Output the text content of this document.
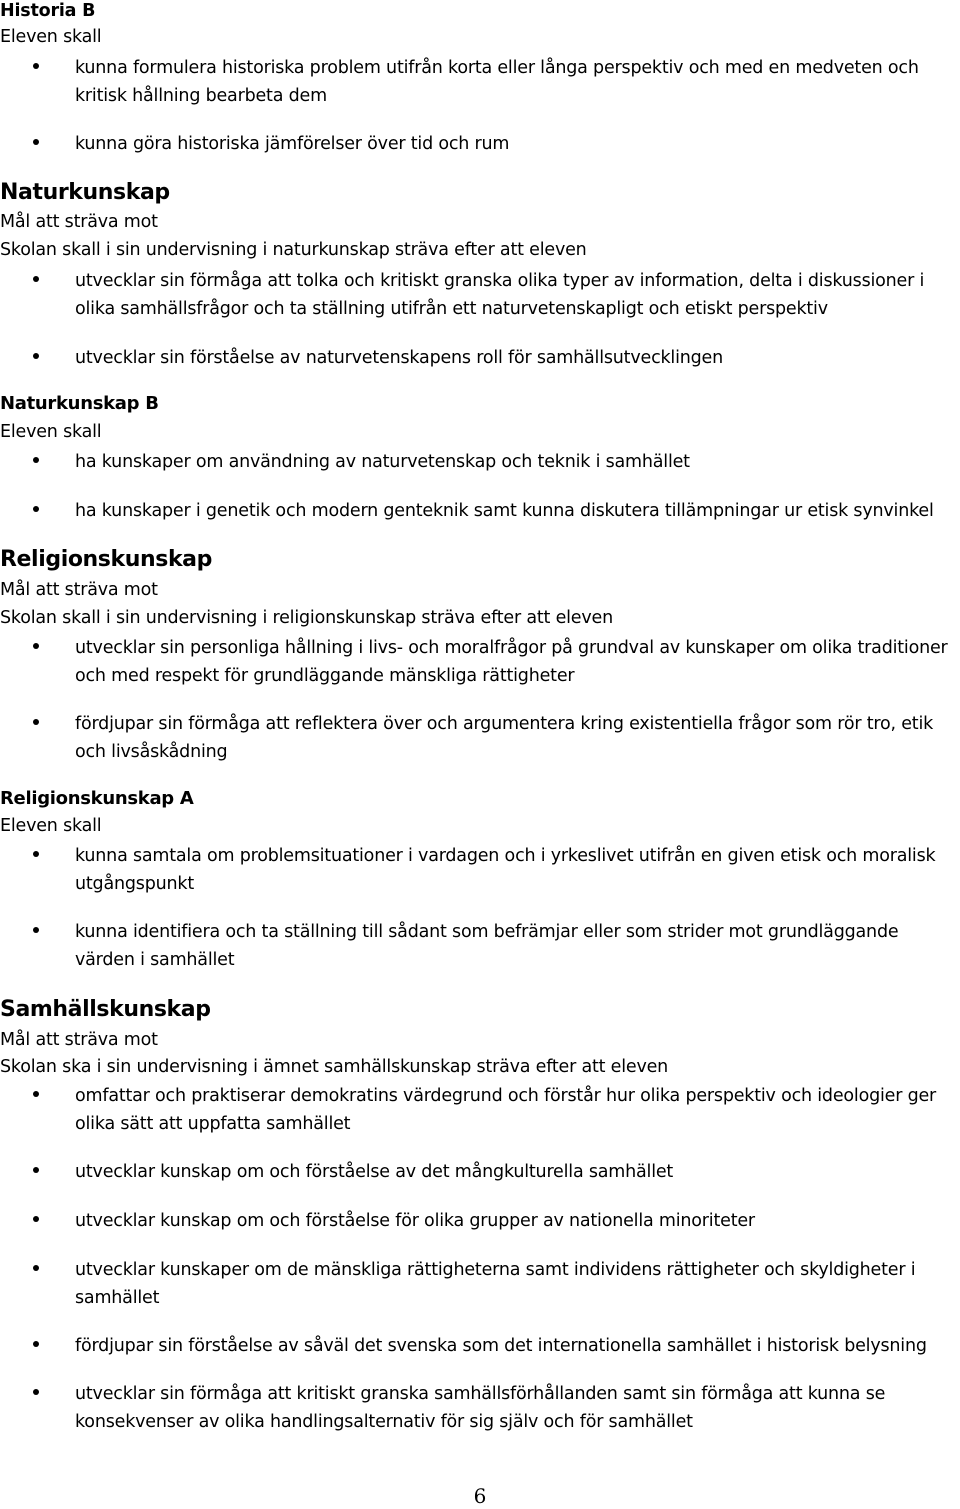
Historia B
Eleven skall
kunna formulera historiska problem utifrån korta eller långa perspektiv och med en medveten och kritisk hållning bearbeta dem
kunna göra historiska jämförelser över tid och rum
Naturkunskap
Mål att sträva mot
Skolan skall i sin undervisning i naturkunskap sträva efter att eleven
utvecklar sin förmåga att tolka och kritiskt granska olika typer av information, delta i diskussioner i olika samhällsfrågor och ta ställning utifrån ett naturvetenskapligt och etiskt perspektiv
utvecklar sin förståelse av naturvetenskapens roll för samhällsutvecklingen
Naturkunskap B
Eleven skall
ha kunskaper om användning av naturvetenskap och teknik i samhället
ha kunskaper i genetik och modern genteknik samt kunna diskutera tillämpningar ur etisk synvinkel
Religionskunskap
Mål att sträva mot
Skolan skall i sin undervisning i religionskunskap sträva efter att eleven
utvecklar sin personliga hållning i livs- och moralfrågor på grundval av kunskaper om olika traditioner och med respekt för grundläggande mänskliga rättigheter
fördjupar sin förmåga att reflektera över och argumentera kring existentiella frågor som rör tro, etik och livsåskådning
Religionskunskap A
Eleven skall
kunna samtala om problemsituationer i vardagen och i yrkeslivet utifrån en given etisk och moralisk utgångspunkt
kunna identifiera och ta ställning till sådant som befrämjar eller som strider mot grundläggande värden i samhället
Samhällskunskap
Mål att sträva mot
Skolan ska i sin undervisning i ämnet samhällskunskap sträva efter att eleven
omfattar och praktiserar demokratins värdegrund och förstår hur olika perspektiv och ideologier ger olika sätt att uppfatta samhället
utvecklar kunskap om och förståelse av det mångkulturella samhället
utvecklar kunskap om och förståelse för olika grupper av nationella minoriteter
utvecklar kunskaper om de mänskliga rättigheterna samt individens rättigheter och skyldigheter i samhället
fördjupar sin förståelse av såväl det svenska som det internationella samhället i historisk belysning
utvecklar sin förmåga att kritiskt granska samhällsförhållanden samt sin förmåga att kunna se konsekvenser av olika handlingsalternativ för sig själv och för samhället
6
